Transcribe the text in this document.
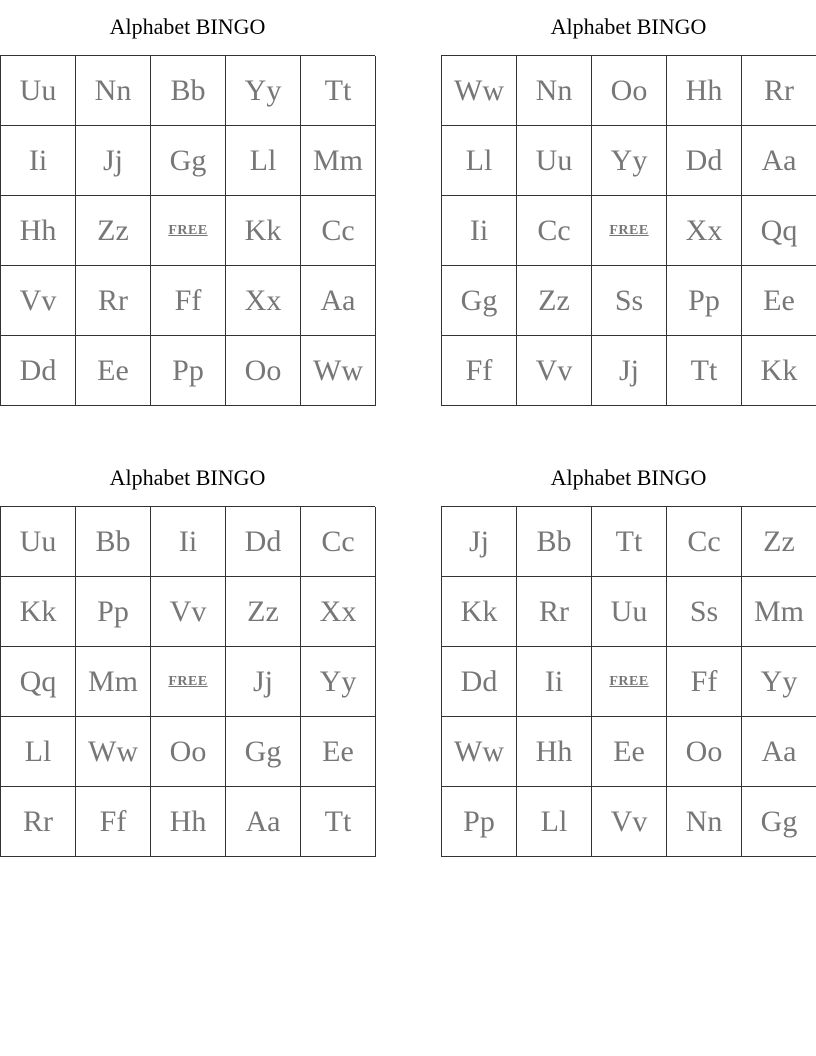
Alphabet BINGO
Uu Nn Bb Yy Tt
Ii Jj Gg Ll Mm
Hh Zz	FREE Kk Cc
Vv Rr Ff Xx Aa
Dd Ee Pp Oo Ww
Alphabet BINGO
Ww Nn Oo Hh Rr
Ll Uu Yy Dd Aa
Ii Cc	FREE Xx Qq
Gg Zz Ss Pp Ee
Ff Vv Jj Tt Kk
Alphabet BINGO
Uu Bb Ii Dd Cc
Kk Pp Vv Zz Xx
Qq Mm FREE Jj Yy
Ll Ww Oo Gg Ee
Rr Ff Hh Aa Tt
Alphabet BINGO
Jj Bb Tt Cc Zz
Kk Rr Uu Ss Mm
Dd Ii	FREE Ff Yy
Ww Hh Ee Oo Aa
Pp Ll Vv Nn Gg
